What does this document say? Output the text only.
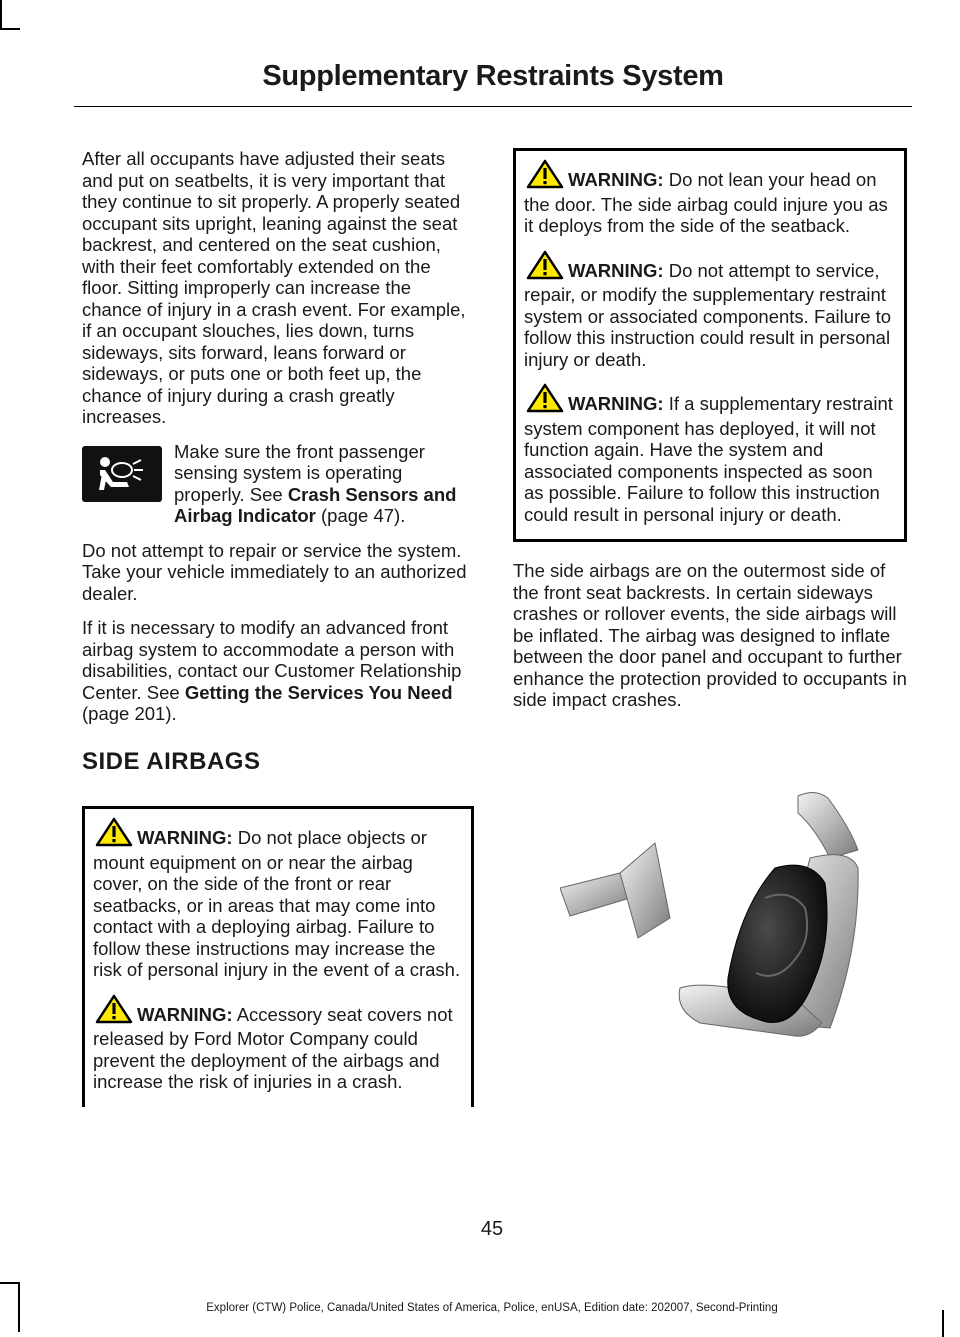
Supplementary Restraints System

After all occupants have adjusted their seats and put on seatbelts, it is very important that they continue to sit properly. A properly seated occupant sits upright, leaning against the seat backrest, and centered on the seat cushion, with their feet comfortably extended on the floor. Sitting improperly can increase the chance of injury in a crash event. For example, if an occupant slouches, lies down, turns sideways, sits forward, leans forward or sideways, or puts one or both feet up, the chance of injury during a crash greatly increases.

Make sure the front passenger sensing system is operating properly. See Crash Sensors and Airbag Indicator (page 47).

Do not attempt to repair or service the system. Take your vehicle immediately to an authorized dealer.

If it is necessary to modify an advanced front airbag system to accommodate a person with disabilities, contact our Customer Relationship Center. See Getting the Services You Need (page 201).

SIDE AIRBAGS
WARNING: Do not place objects or mount equipment on or near the airbag cover, on the side of the front or rear seatbacks, or in areas that may come into contact with a deploying airbag. Failure to follow these instructions may increase the risk of personal injury in the event of a crash.
WARNING: Accessory seat covers not released by Ford Motor Company could prevent the deployment of the airbags and increase the risk of injuries in a crash.
WARNING: Do not lean your head on the door. The side airbag could injure you as it deploys from the side of the seatback.
WARNING: Do not attempt to service, repair, or modify the supplementary restraint system or associated components. Failure to follow this instruction could result in personal injury or death.
WARNING: If a supplementary restraint system component has deployed, it will not function again. Have the system and associated components inspected as soon as possible. Failure to follow this instruction could result in personal injury or death.

The side airbags are on the outermost side of the front seat backrests. In certain sideways crashes or rollover events, the side airbags will be inflated. The airbag was designed to inflate between the door panel and occupant to further enhance the protection provided to occupants in side impact crashes.

45
Explorer (CTW) Police, Canada/United States of America, Police, enUSA, Edition date: 202007, Second-Printing
